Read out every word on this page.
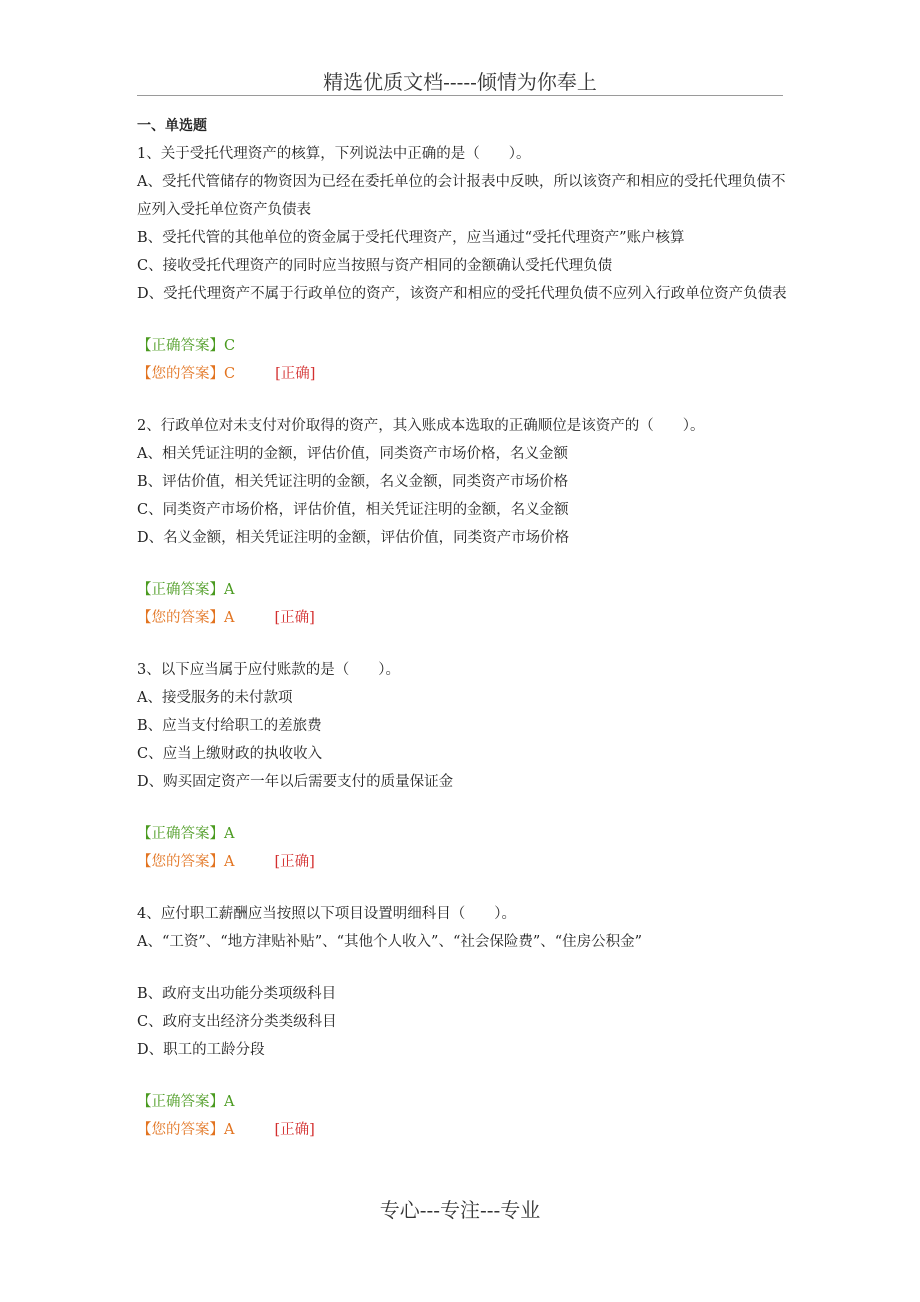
精选优质文档-----倾情为你奉上
一、单选题
1、关于受托代理资产的核算，下列说法中正确的是（　　）。
A、受托代管储存的物资因为已经在委托单位的会计报表中反映，所以该资产和相应的受托代理负债不应列入受托单位资产负债表
B、受托代管的其他单位的资金属于受托代理资产，应当通过“受托代理资产”账户核算
C、接收受托代理资产的同时应当按照与资产相同的金额确认受托代理负债
D、受托代理资产不属于行政单位的资产，该资产和相应的受托代理负债不应列入行政单位资产负债表
【正确答案】C
【您的答案】C	[正确]
2、行政单位对未支付对价取得的资产，其入账成本选取的正确顺位是该资产的（　　）。
A、相关凭证注明的金额，评估价值，同类资产市场价格，名义金额
B、评估价值，相关凭证注明的金额，名义金额，同类资产市场价格
C、同类资产市场价格，评估价值，相关凭证注明的金额，名义金额
D、名义金额，相关凭证注明的金额，评估价值，同类资产市场价格
【正确答案】A
【您的答案】A	[正确]
3、以下应当属于应付账款的是（　　）。
A、接受服务的未付款项
B、应当支付给职工的差旅费
C、应当上缴财政的执收收入
D、购买固定资产一年以后需要支付的质量保证金
【正确答案】A
【您的答案】A	[正确]
4、应付职工薪酬应当按照以下项目设置明细科目（　　）。
A、“工资”、“地方津贴补贴”、“其他个人收入”、“社会保险费”、“住房公积金”
B、政府支出功能分类项级科目
C、政府支出经济分类类级科目
D、职工的工龄分段
【正确答案】A
【您的答案】A	[正确]
专心---专注---专业
